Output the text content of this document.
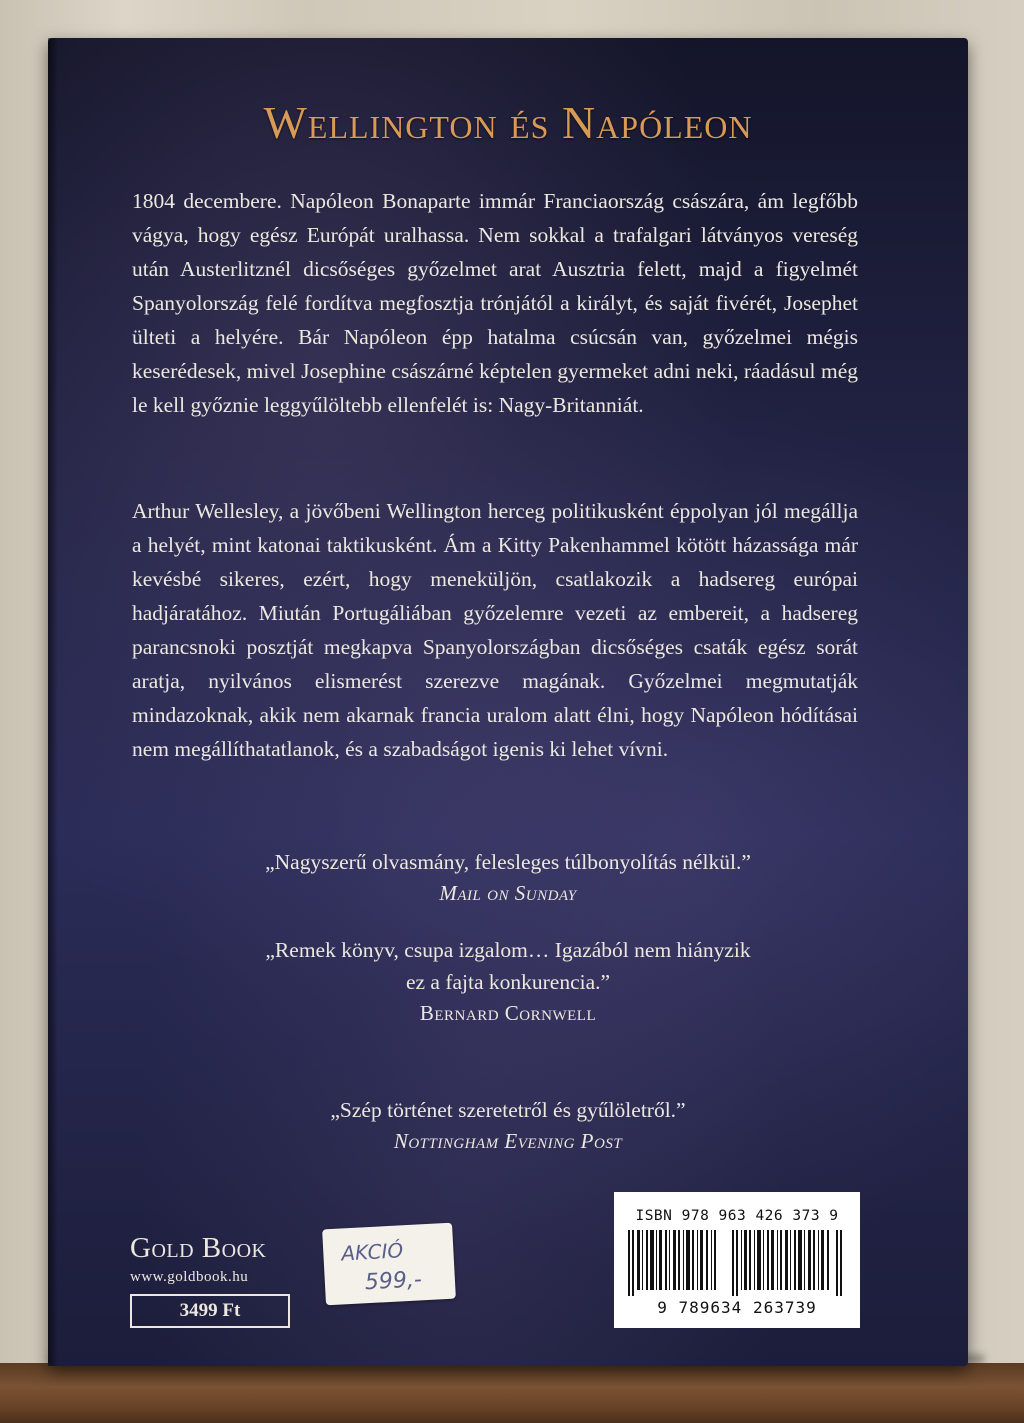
Wellington és Napóleon

1804 decembere. Napóleon Bonaparte immár Franciaország császára, ám legfőbb vágya, hogy egész Európát uralhassa. Nem sokkal a trafalgari látványos vereség után Austerlitznél dicsőséges győzelmet arat Ausztria felett, majd a figyelmét Spanyolország felé fordítva megfosztja trónjától a királyt, és saját fivérét, Josephet ülteti a helyére. Bár Napóleon épp hatalma csúcsán van, győzelmei mégis keserédesek, mivel Josephine császárné képtelen gyermeket adni neki, ráadásul még le kell győznie leggyűlöltebb ellenfelét is: Nagy-Britanniát.

Arthur Wellesley, a jövőbeni Wellington herceg politikusként éppolyan jól megállja a helyét, mint katonai taktikusként. Ám a Kitty Pakenhammel kötött házassága már kevésbé sikeres, ezért, hogy meneküljön, csatlakozik a hadsereg európai hadjáratához. Miután Portugáliában győzelemre vezeti az embereit, a hadsereg parancsnoki posztját megkapva Spanyolországban dicsőséges csaták egész sorát aratja, nyilvános elismerést szerezve magának. Győzelmei megmutatják mindazoknak, akik nem akarnak francia uralom alatt élni, hogy Napóleon hódításai nem megállíthatatlanok, és a szabadságot igenis ki lehet vívni.

„Nagyszerű olvasmány, felesleges túlbonyolítás nélkül.”
Mail on Sunday
„Remek könyv, csupa izgalom… Igazából nem hiányzik
ez a fajta konkurencia.”
Bernard Cornwell
„Szép történet szeretetről és gyűlöletről.”
Nottingham Evening Post
Gold Book
www.goldbook.hu
3499 Ft
AKCIÓ
599,-
ISBN 978 963 426 373 9
9 789634 263739
